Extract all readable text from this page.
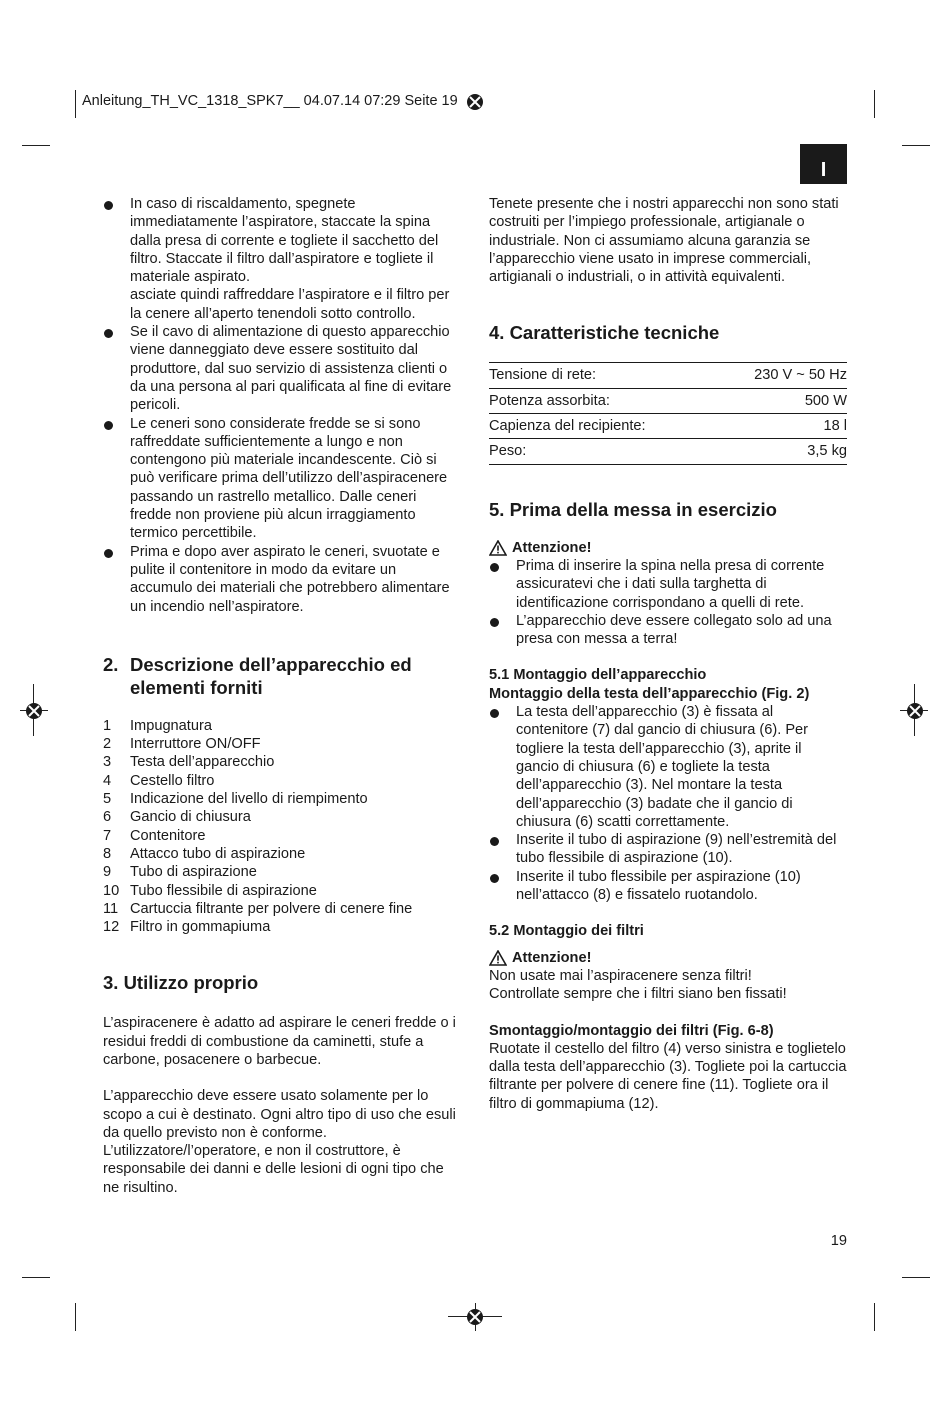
Anleitung_TH_VC_1318_SPK7__ 04.07.14 07:29 Seite 19
I
In caso di riscaldamento, spegnete immediatamente l’aspiratore, staccate la spina dalla presa di corrente e togliete il sacchetto del filtro. Staccate il filtro dall’aspiratore e togliete il materiale aspirato.
asciate quindi raffreddare l’aspiratore e il filtro per la cenere all’aperto tenendoli sotto controllo.
Se il cavo di alimentazione di questo apparecchio viene danneggiato deve essere sostituito dal produttore, dal suo servizio di assistenza clienti o da una persona al pari qualificata al fine di evitare pericoli.
Le ceneri sono considerate fredde se si sono raffreddate sufficientemente a lungo e non contengono più materiale incandescente. Ciò si può verificare prima dell’utilizzo dell’aspiracenere passando un rastrello metallico. Dalle ceneri fredde non proviene più alcun irraggiamento termico percettibile.
Prima e dopo aver aspirato le ceneri, svuotate e pulite il contenitore in modo da evitare un accumulo dei materiali che potrebbero alimentare un incendio nell’aspiratore.
2. Descrizione dell’apparecchio ed elementi forniti
1	Impugnatura
2	Interruttore ON/OFF
3	Testa dell’apparecchio
4	Cestello filtro
5	Indicazione del livello di riempimento
6	Gancio di chiusura
7	Contenitore
8	Attacco tubo di aspirazione
9	Tubo di aspirazione
10 Tubo flessibile di aspirazione
11 Cartuccia filtrante per polvere di cenere fine
12 Filtro in gommapiuma
3. Utilizzo proprio

L’aspiracenere è adatto ad aspirare le ceneri fredde o i residui freddi di combustione da caminetti, stufe a carbone, posacenere o barbecue.

L’apparecchio deve essere usato solamente per lo scopo a cui è destinato. Ogni altro tipo di uso che esuli da quello previsto non è conforme. L’utilizzatore/l’operatore, e non il costruttore, è responsabile dei danni e delle lesioni di ogni tipo che ne risultino.

Tenete presente che i nostri apparecchi non sono stati costruiti per l’impiego professionale, artigianale o industriale. Non ci assumiamo alcuna garanzia se l’apparecchio viene usato in imprese commerciali, artigianali o industriali, o in attività equivalenti.

4. Caratteristiche tecniche
Tensione di rete:	230 V ~ 50 Hz
Potenza assorbita:	500 W
Capienza del recipiente:	18 l
Peso:	3,5 kg
5. Prima della messa in esercizio
Attenzione!
Prima di inserire la spina nella presa di corrente assicuratevi che i dati sulla targhetta di identificazione corrispondano a quelli di rete.
L’apparecchio deve essere collegato solo ad una presa con messa a terra!

5.1 Montaggio dell’apparecchio

Montaggio della testa dell’apparecchio (Fig. 2)

La testa dell’apparecchio (3) è fissata al contenitore (7) dal gancio di chiusura (6). Per togliere la testa dell’apparecchio (3), aprite il gancio di chiusura (6) e togliete la testa dell’apparecchio (3). Nel montare la testa dell’apparecchio (3) badate che il gancio di chiusura (6) scatti correttamente.
Inserite il tubo di aspirazione (9) nell’estremità del tubo flessibile di aspirazione (10).
Inserite il tubo flessibile per aspirazione (10) nell’attacco (8) e fissatelo ruotandolo.

5.2 Montaggio dei filtri

Attenzione!

Non usate mai l’aspiracenere senza filtri!
Controllate sempre che i filtri siano ben fissati!

Smontaggio/montaggio dei filtri (Fig. 6-8)

Ruotate il cestello del filtro (4) verso sinistra e toglietelo dalla testa dell’apparecchio (3). Togliete poi la cartuccia filtrante per polvere di cenere fine (11). Togliete ora il filtro di gommapiuma (12).

19
